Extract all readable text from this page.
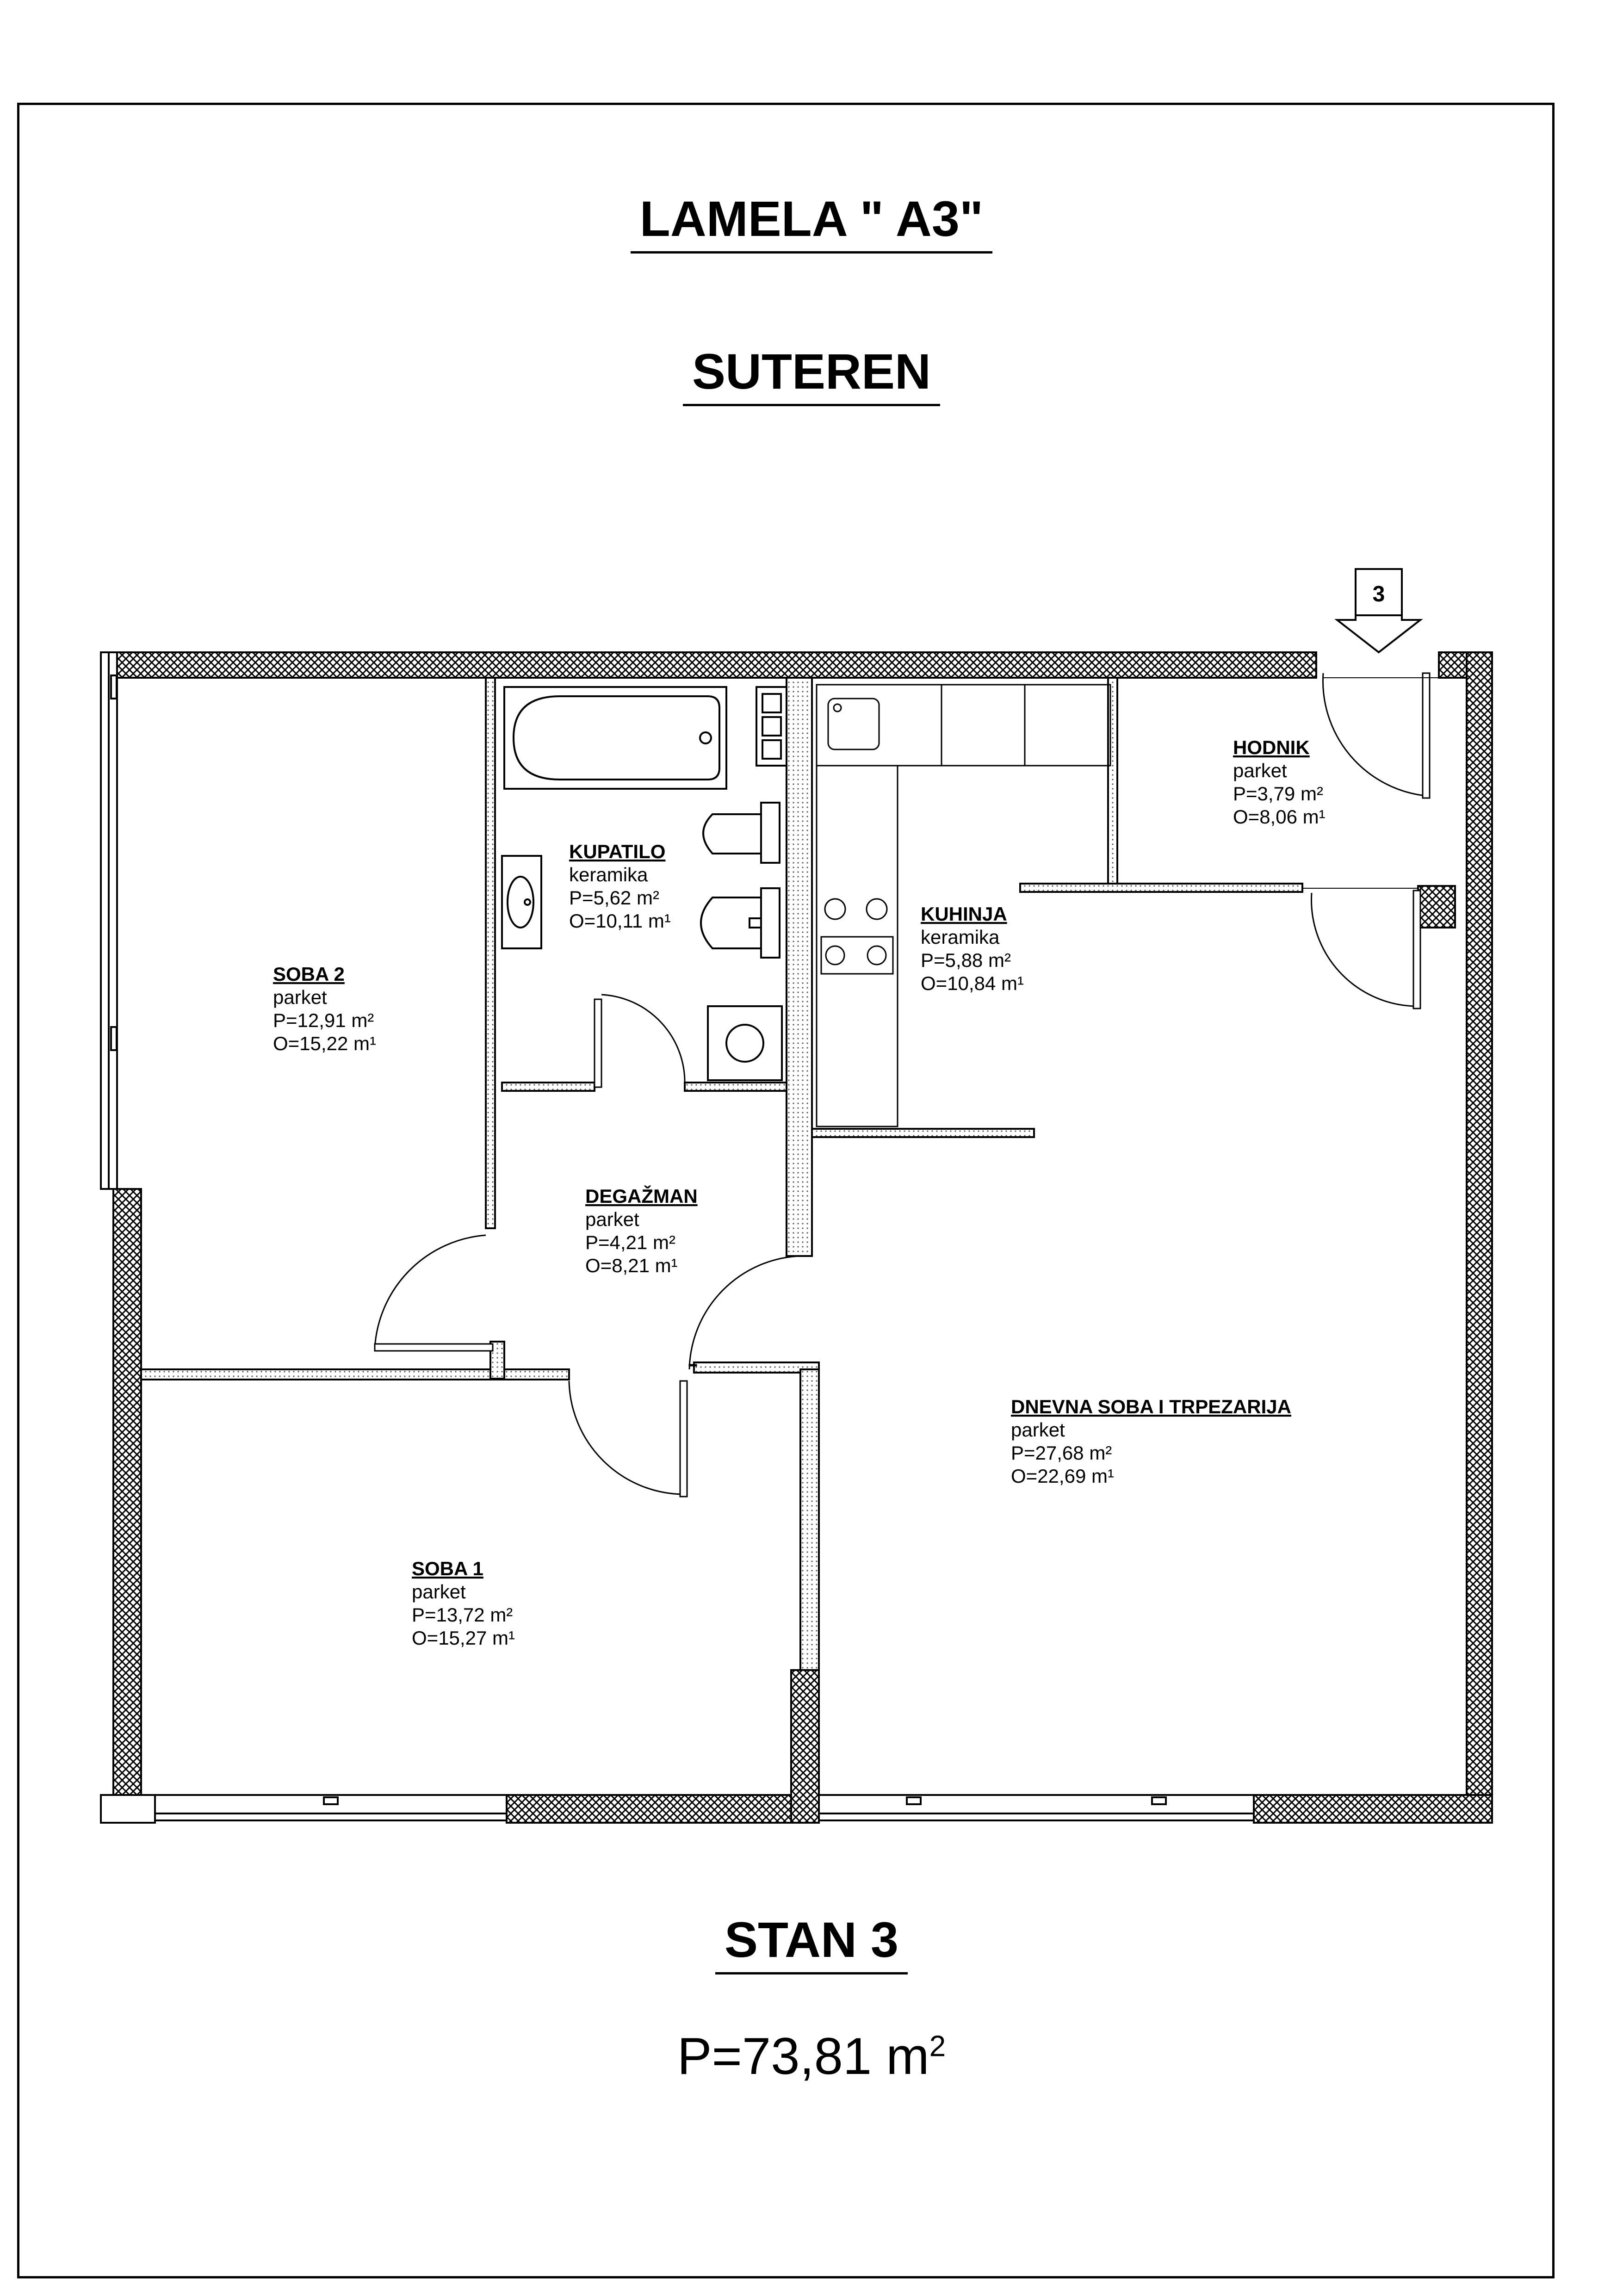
LAMELA " A3"
SUTEREN
3
SOBA 2
parket
P=12,91 m²
O=15,22 m¹
KUPATILO
keramika
P=5,62 m²
O=10,11 m¹	KUHINJA
keramika
P=5,88 m²
O=10,84 m¹
HODNIK
parket
P=3,79 m²
O=8,06 m¹
DEGAŽMAN
parket
P=4,21 m²
O=8,21 m¹
DNEVNA SOBA I TRPEZARIJA
parket
P=27,68 m²
O=22,69 m¹
SOBA 1
parket
P=13,72 m²
O=15,27 m¹
STAN 3
P=73,81 $m^2$
